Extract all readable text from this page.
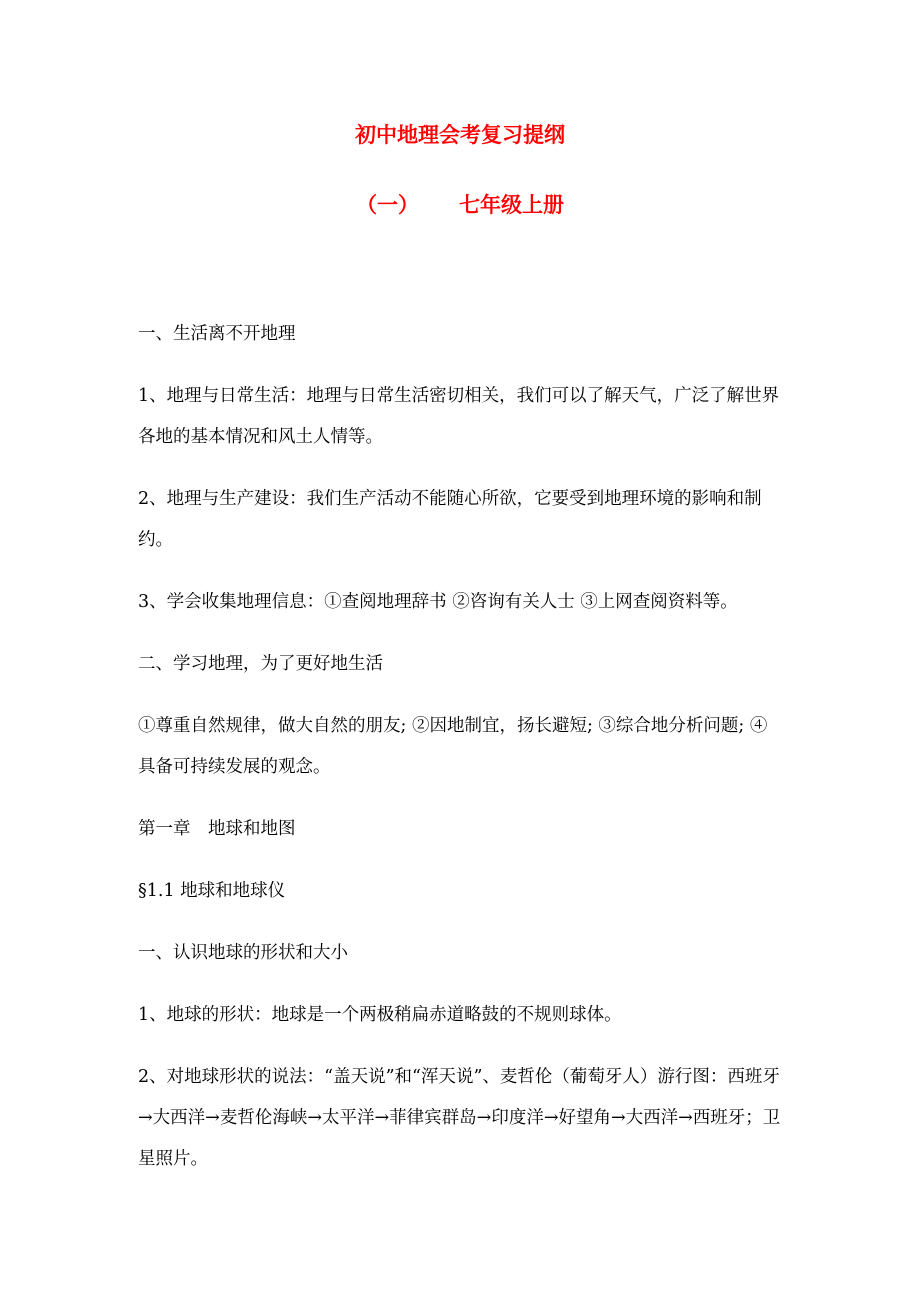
初中地理会考复习提纲
（一） 七年级上册

一、生活离不开地理

1、地理与日常生活：地理与日常生活密切相关，我们可以了解天气，广泛了解世界各地的基本情况和风土人情等。

2、地理与生产建设：我们生产活动不能随心所欲，它要受到地理环境的影响和制约。

3、学会收集地理信息：①查阅地理辞书 ②咨询有关人士 ③上网查阅资料等。

二、学习地理，为了更好地生活

①尊重自然规律，做大自然的朋友; ②因地制宜，扬长避短; ③综合地分析问题; ④具备可持续发展的观念。

第一章　地球和地图

§1.1 地球和地球仪

一、认识地球的形状和大小

1、地球的形状：地球是一个两极稍扁赤道略鼓的不规则球体。

2、对地球形状的说法：“盖天说”和“浑天说”、麦哲伦（葡萄牙人）游行图：西班牙→大西洋→麦哲伦海峡→太平洋→菲律宾群岛→印度洋→好望角→大西洋→西班牙；卫星照片。
